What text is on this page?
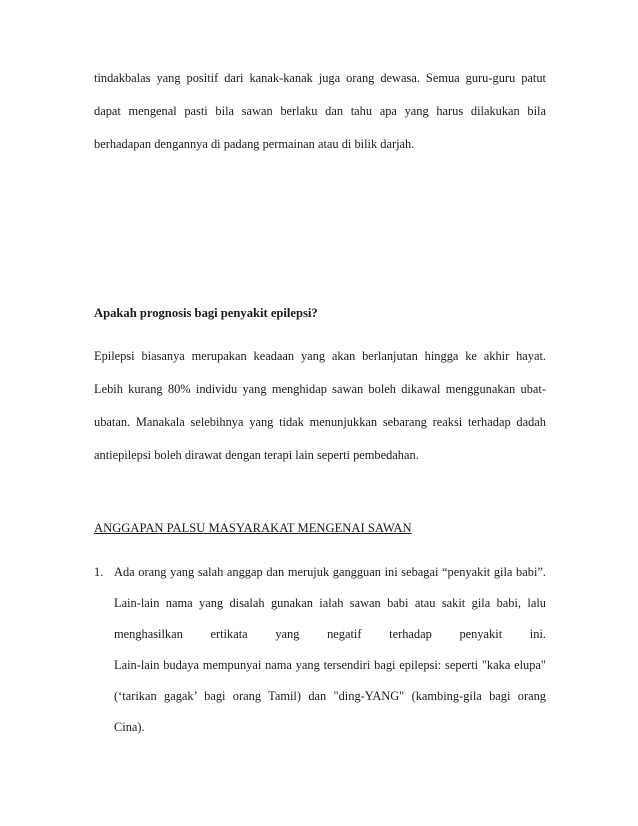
tindakbalas yang positif dari kanak-kanak juga orang dewasa. Semua guru-guru patut
dapat mengenal pasti bila sawan berlaku dan tahu apa yang harus dilakukan bila
berhadapan dengannya di padang permainan atau di bilik darjah.

Apakah prognosis bagi penyakit epilepsi?

Epilepsi biasanya merupakan keadaan yang akan berlanjutan hingga ke akhir hayat.
Lebih kurang 80% individu yang menghidap sawan boleh dikawal menggunakan ubat-
ubatan. Manakala selebihnya yang tidak menunjukkan sebarang reaksi terhadap dadah
antiepilepsi boleh dirawat dengan terapi lain seperti pembedahan.

ANGGAPAN PALSU MASYARAKAT MENGENAI SAWAN
1. Ada orang yang salah anggap dan merujuk gangguan ini sebagai “penyakit gila babi”.
Lain-lain nama yang disalah gunakan ialah sawan babi atau sakit gila babi, lalu
menghasilkan ertikata yang negatif terhadap penyakit ini.
Lain-lain budaya mempunyai nama yang tersendiri bagi epilepsi: seperti "kaka elupa"
(‘tarikan gagak’ bagi orang Tamil) dan "ding-YANG" (kambing-gila bagi orang
Cina).
